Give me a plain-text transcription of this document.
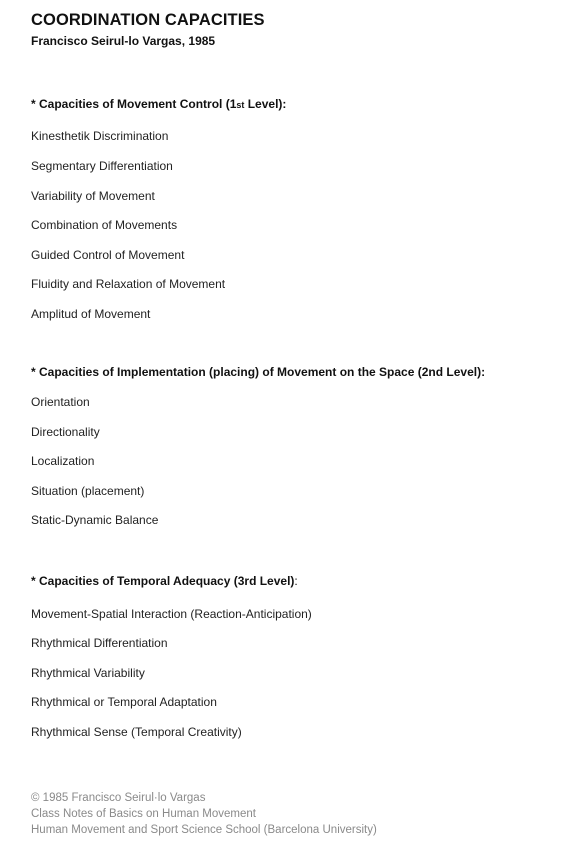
COORDINATION CAPACITIES
Francisco Seirul-lo Vargas, 1985
* Capacities of Movement Control (1st Level):
Kinesthetik Discrimination
Segmentary Differentiation
Variability of Movement
Combination of Movements
Guided Control of Movement
Fluidity and Relaxation of Movement
Amplitud of Movement
* Capacities of Implementation (placing) of Movement on the Space (2nd Level):
Orientation
Directionality
Localization
Situation (placement)
Static-Dynamic Balance
* Capacities of Temporal Adequacy (3rd Level):
Movement-Spatial Interaction (Reaction-Anticipation)
Rhythmical Differentiation
Rhythmical Variability
Rhythmical or Temporal Adaptation
Rhythmical Sense (Temporal Creativity)
© 1985 Francisco Seirul·lo Vargas
Class Notes of Basics on Human Movement
Human Movement and Sport Science School (Barcelona University)
